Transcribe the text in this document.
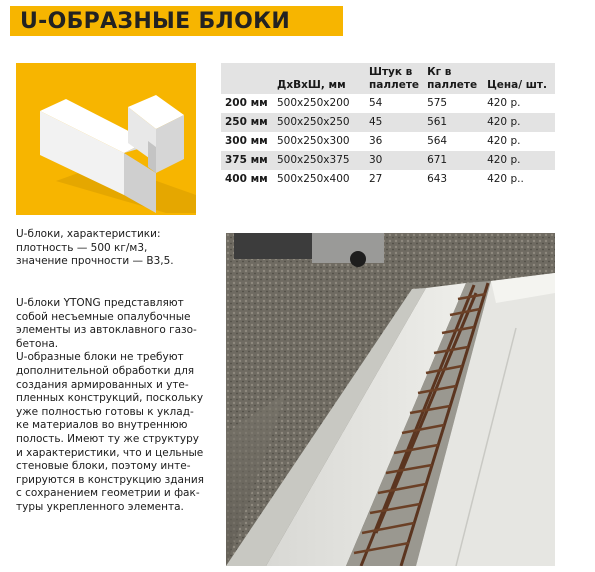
U-ОБРАЗНЫЕ БЛОКИ

U-блоки, характеристики:

плотность — 500 кг/м3,

значение прочности — В3,5.

U-блоки YTONG представляют

собой несъемные опалубочные

элементы из автоклавного газо-

бетона.

U-образные блоки не требуют

дополнительной обработки для

создания армированных и уте-

пленных конструкций, поскольку

уже полностью готовы к уклад-

ке материалов во внутреннюю

полость. Имеют ту же структуру

и характеристики, что и цельные

стеновые блоки, поэтому инте-

грируются в конструкцию здания

с сохранением геометрии и фак-

туры укрепленного элемента.

	ДхВхШ, мм	Штук в паллете	Кг в паллете	Цена/ шт.
200 мм	500х250х200	54	575	420 р.
250 мм	500х250х250	45	561	420 р.
300 мм	500х250х300	36	564	420 р.
375 мм	500х250х375	30	671	420 р.
400 мм	500х250х400	27	643	420 р..
